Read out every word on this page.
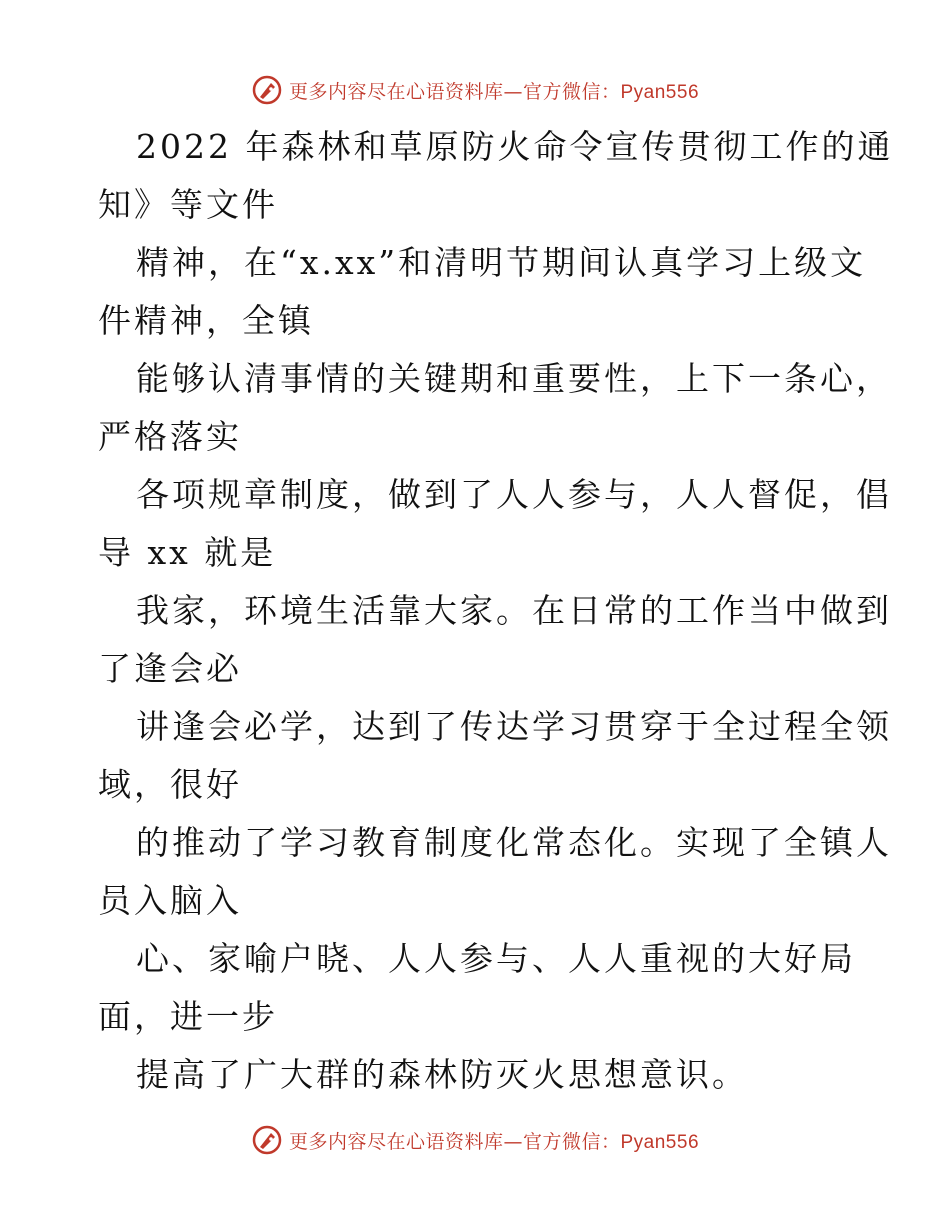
更多内容尽在心语资料库—官方微信：Pyan556

2022 年森林和草原防火命令宣传贯彻工作的通

知》等文件

精神，在“x.xx”和清明节期间认真学习上级文

件精神，全镇

能够认清事情的关键期和重要性，上下一条心，

严格落实

各项规章制度，做到了人人参与，人人督促，倡

导 xx 就是

我家，环境生活靠大家。在日常的工作当中做到

了逢会必

讲逢会必学，达到了传达学习贯穿于全过程全领

域，很好

的推动了学习教育制度化常态化。实现了全镇人

员入脑入

心、家喻户晓、人人参与、人人重视的大好局

面，进一步

提高了广大群的森林防灭火思想意识。

更多内容尽在心语资料库—官方微信：Pyan556
